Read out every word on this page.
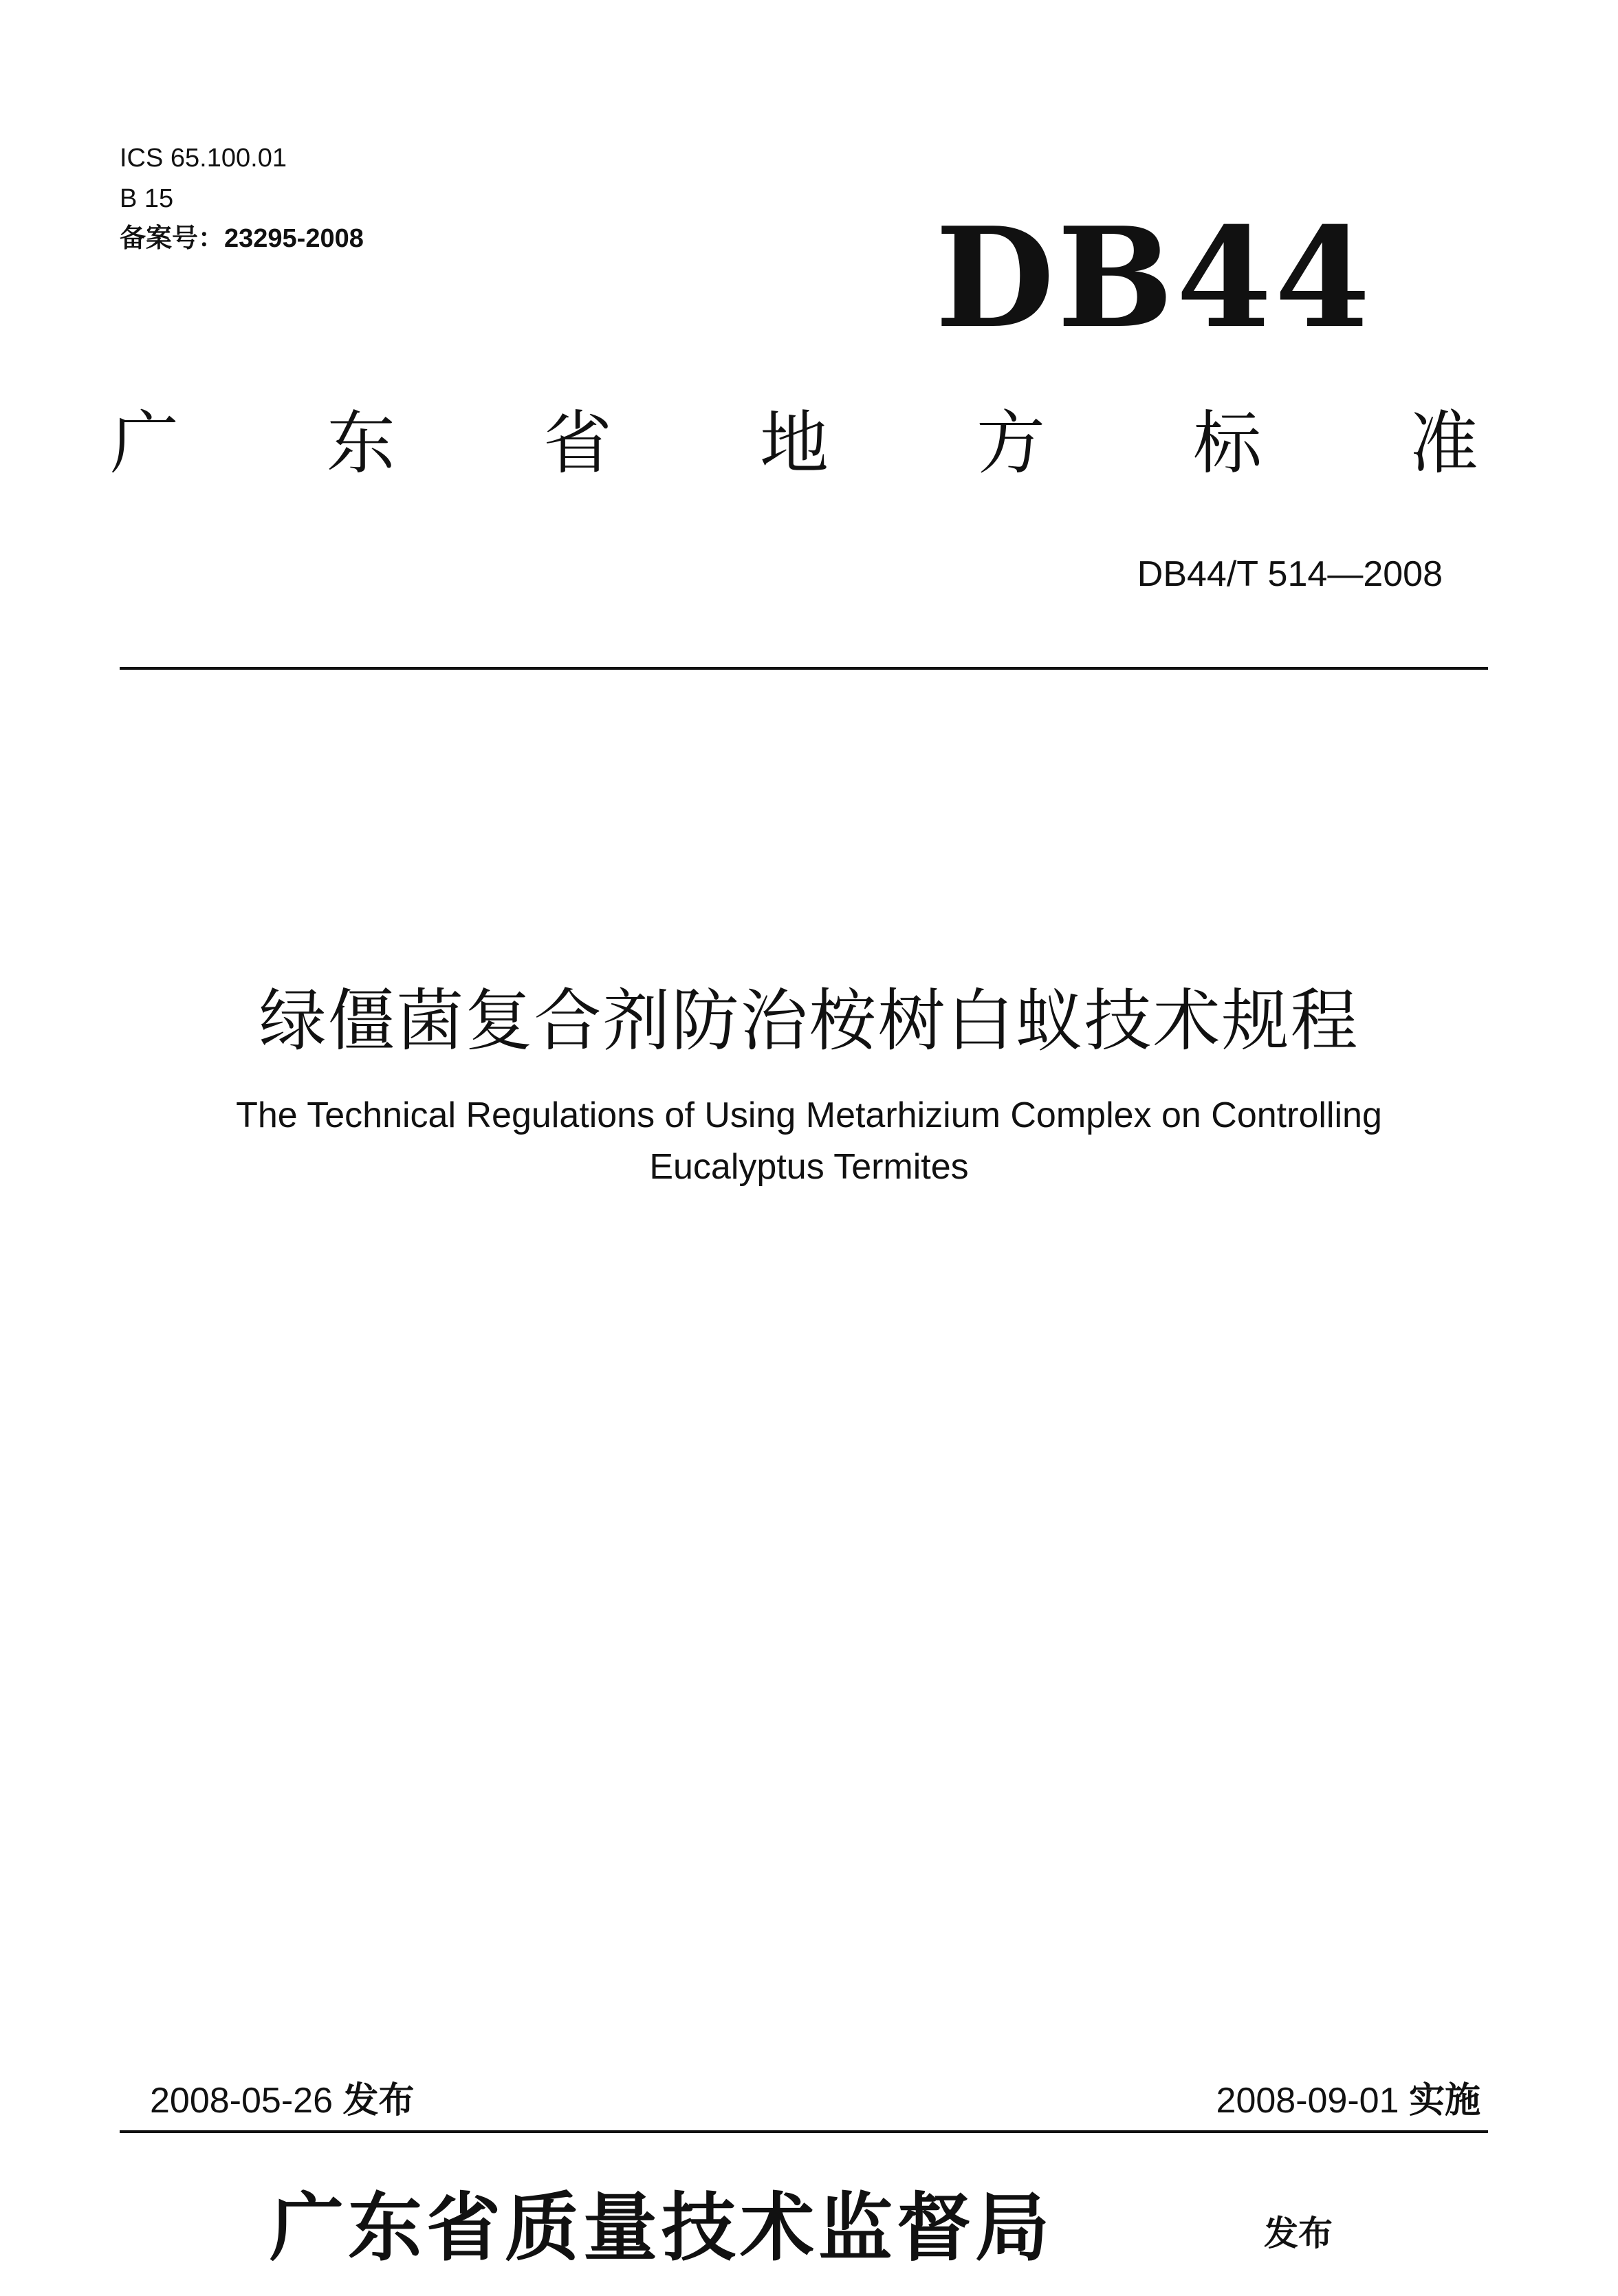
ICS 65.100.01
B 15
备案号：23295-2008	DB44
广 东 省 地 方 标 准
DB44/T 514—2008
绿僵菌复合剂防治桉树白蚁技术规程
The Technical Regulations of Using Metarhizium Complex on Controlling
Eucalyptus Termites
2008-05-26 发布	2008-09-01 实施
广东省质量技术监督局	发布
